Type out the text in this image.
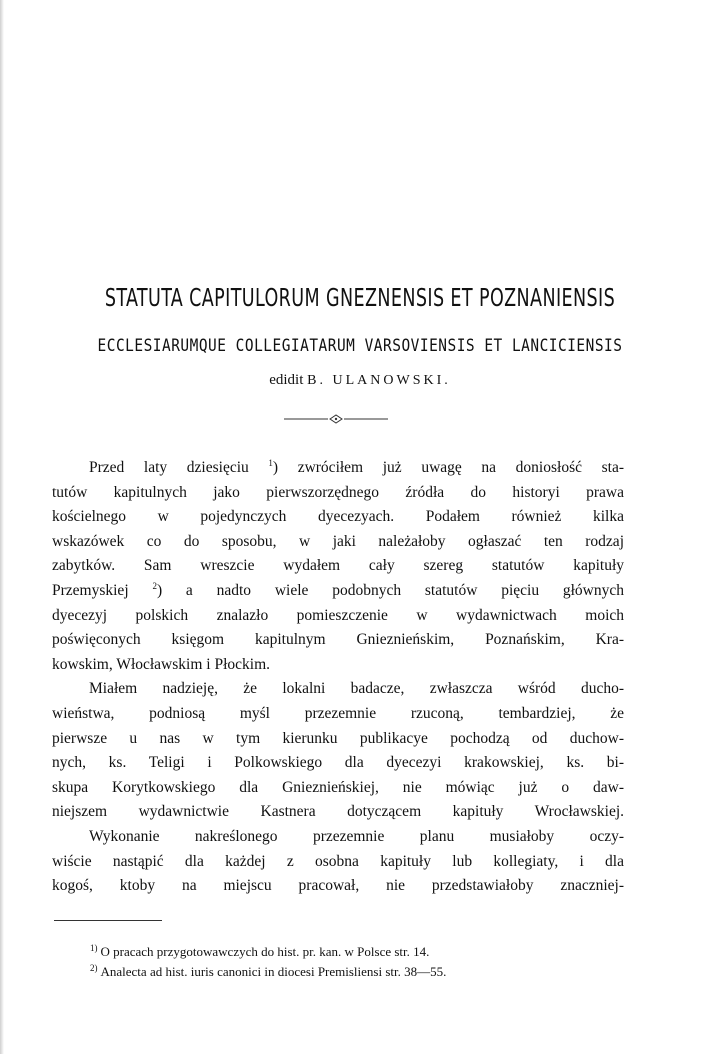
STATUTA CAPITULORUM GNEZNENSIS ET POZNANIENSIS
ECCLESIARUMQUE COLLEGIATARUM VARSOVIENSIS ET LANCICIENSIS
edidit B. ULANOWSKI.
Przed laty dziesięciu $^1$) zwróciłem już uwagę na doniosłość sta-
tutów kapitulnych jako pierwszorzędnego źródła do historyi prawa
kościelnego w pojedynczych dyecezyach. Podałem również kilka
wskazówek co do sposobu, w jaki należałoby ogłaszać ten rodzaj
zabytków. Sam wreszcie wydałem cały szereg statutów kapituły
Przemyskiej $^2$) a nadto wiele podobnych statutów pięciu głównych
dyecezyj polskich znalazło pomieszczenie w wydawnictwach moich
poświęconych księgom kapitulnym Gnieznieńskim, Poznańskim, Kra-
kowskim, Włocławskim i Płockim.
Miałem nadzieję, że lokalni badacze, zwłaszcza wśród ducho-
wieństwa, podniosą myśl przezemnie rzuconą, tembardziej, że
pierwsze u nas w tym kierunku publikacye pochodzą od duchow-
nych, ks. Teligi i Polkowskiego dla dyecezyi krakowskiej, ks. bi-
skupa Korytkowskiego dla Gnieznieńskiej, nie mówiąc już o daw-
niejszem wydawnictwie Kastnera dotyczącem kapituły Wrocławskiej.
Wykonanie nakreślonego przezemnie planu musiałoby oczy-
wiście nastąpić dla każdej z osobna kapituły lub kollegiaty, i dla
kogoś, ktoby na miejscu pracował, nie przedstawiałoby znaczniej-
$^{1)}$ O pracach przygotowawczych do hist. pr. kan. w Polsce str. 14.
$^{2)}$ Analecta ad hist. iuris canonici in diocesi Premisliensi str. 38—55.
